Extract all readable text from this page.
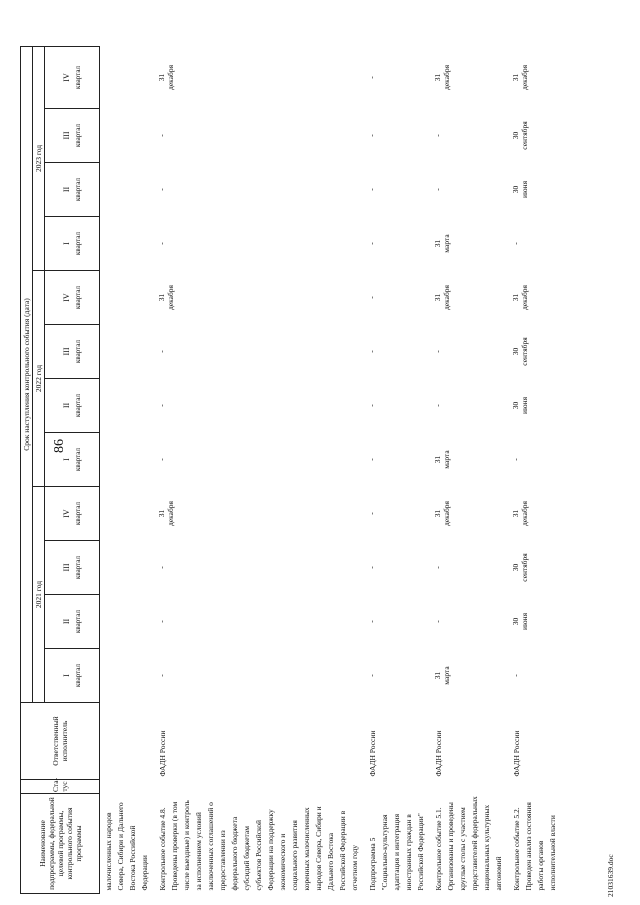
86
Наименование подпрограммы, федеральной целевой программы, контрольного события программы	Ста-тус	Ответственный исполнитель	Срок наступления контрольного события (дата)											
			2021 год				2022 год				2023 год			

			I квартал	II квартал	III квартал	IV квартал	I квартал	II квартал	III квартал	IV квартал	I квартал	II квартал	III квартал	IV квартал
малочисленных народов Севера, Сибири и Дальнего Востока Российской Федерации			

Контрольное событие 4.8. Проведены проверки (в том числе выездные) и контроль за исполнением условий заключенных соглашений о предоставлении из федерального бюджета субсидий бюджетам субъектов Российской Федерации на поддержку экономического и социального развития коренных малочисленных народов Севера, Сибири и Дальнего Востока Российской Федерации в отчетном году		ФАДН России	-	-	-	31 декабря	-	-	-	31 декабря	-	-	-	31 декабря

Подпрограмма 5 "Социально-культурная адаптация и интеграция иностранных граждан в Российской Федерации"		ФАДН России	-	-	-	-	-	-	-	-	-	-	-	-

Контрольное событие 5.1. Организованы и проведены круглые столы с участием представителей федеральных национальных культурных автономий		ФАДН России	31 марта	-	-	31 декабря	31 марта	-	-	31 декабря	31 марта	-	-	31 декабря

Контрольное событие 5.2. Проведен анализ состояния работы органов исполнительной власти		ФАДН России	-	30 июня	30 сентября	31 декабря	-	30 июня	30 сентября	31 декабря	-	30 июня	30 сентября	31 декабря
21031639.doc
